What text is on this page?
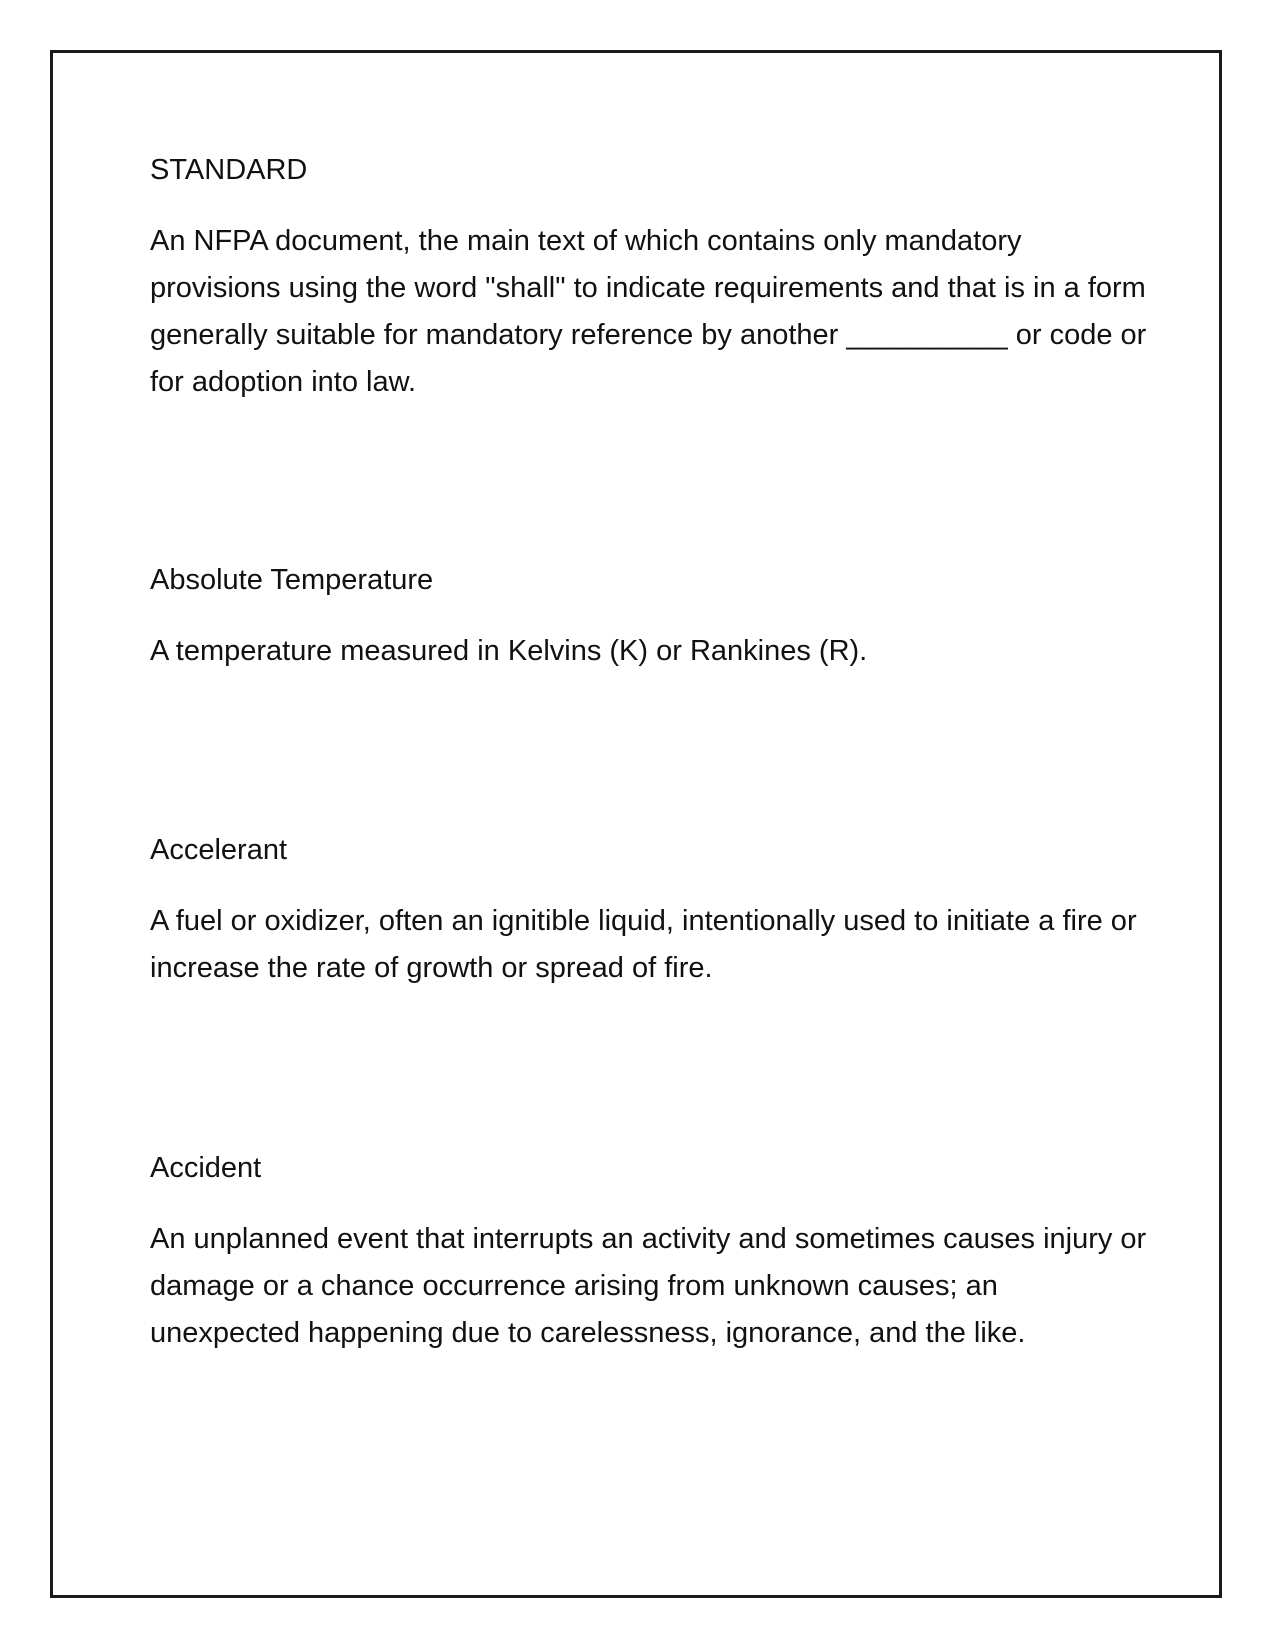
STANDARD

An NFPA document, the main text of which contains only mandatory provisions using the word "shall" to indicate requirements and that is in a form generally suitable for mandatory reference by another __________ or code or for adoption into law.

Absolute Temperature

A temperature measured in Kelvins (K) or Rankines (R).

Accelerant

A fuel or oxidizer, often an ignitible liquid, intentionally used to initiate a fire or increase the rate of growth or spread of fire.

Accident

An unplanned event that interrupts an activity and sometimes causes injury or damage or a chance occurrence arising from unknown causes; an unexpected happening due to carelessness, ignorance, and the like.
